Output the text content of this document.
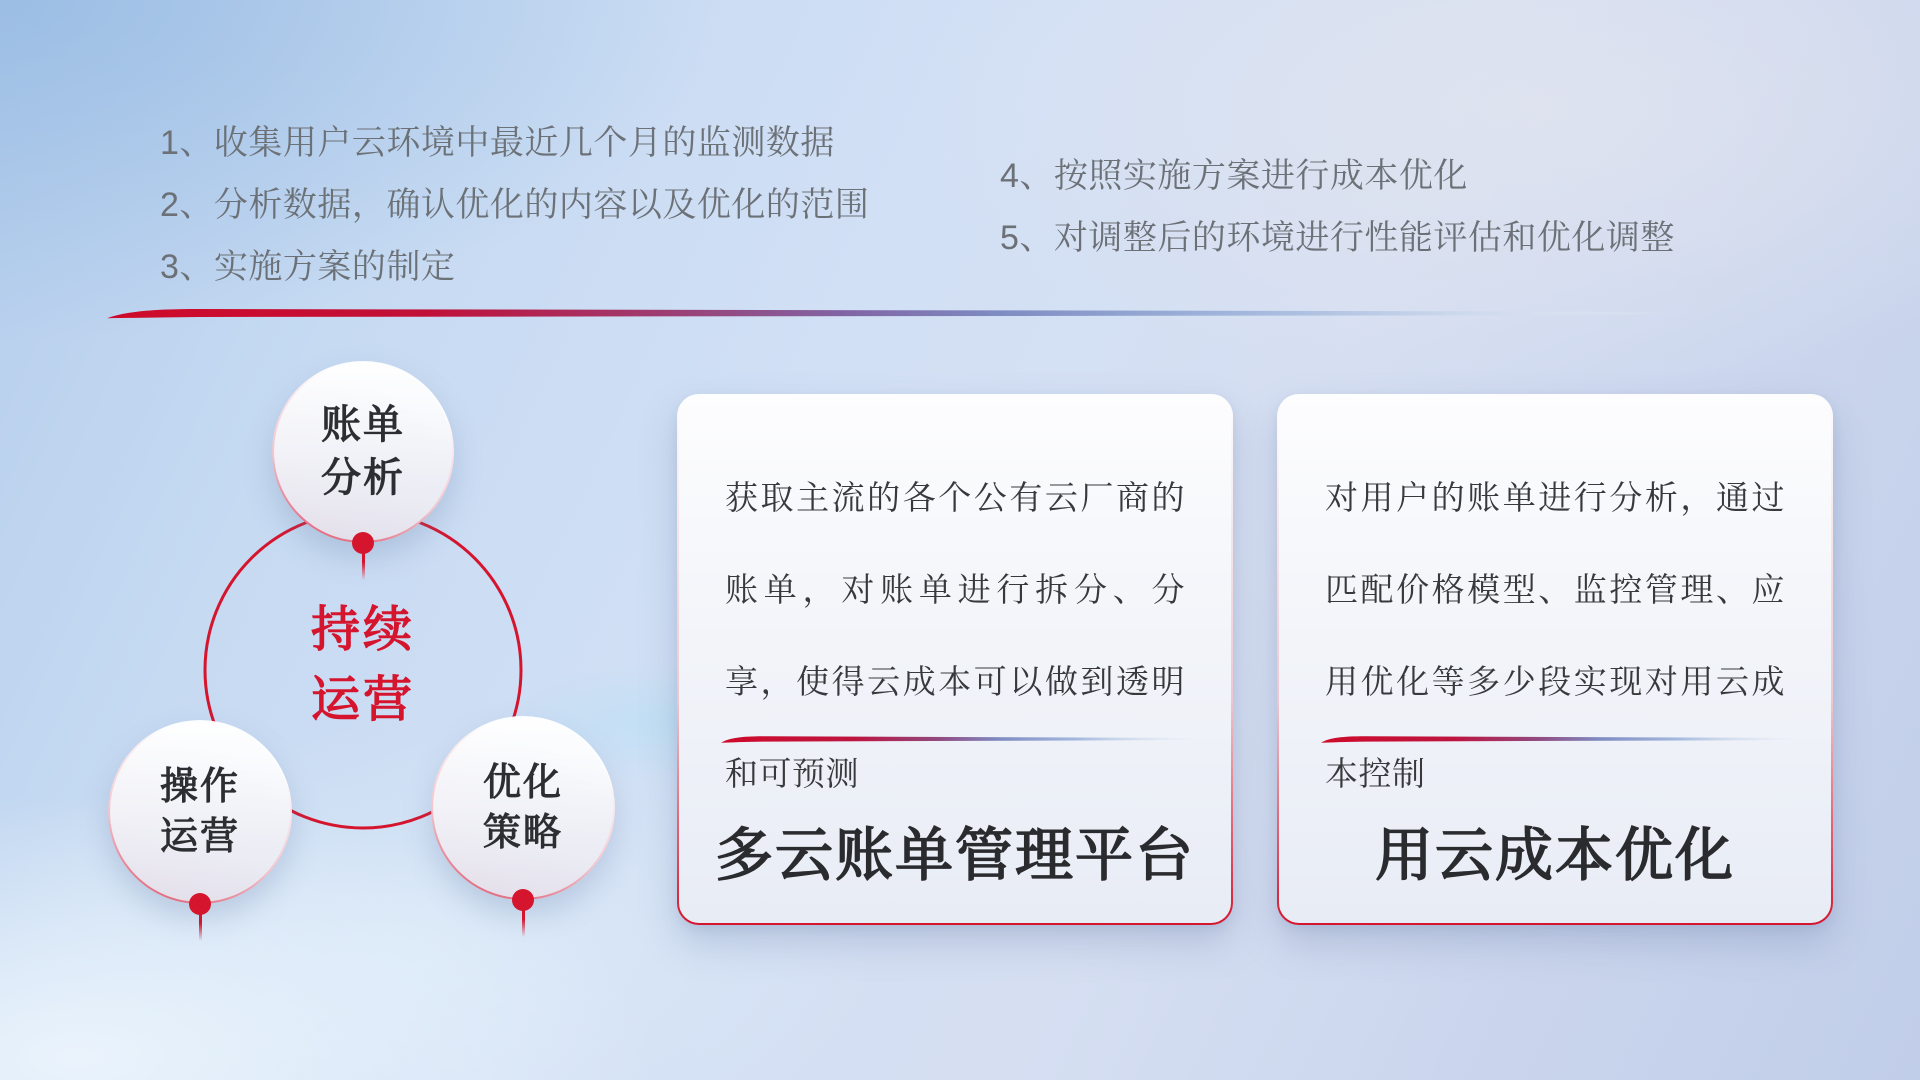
1、收集用户云环境中最近几个月的监测数据
2、分析数据，确认优化的内容以及优化的范围
3、实施方案的制定
4、按照实施方案进行成本优化
5、对调整后的环境进行性能评估和优化调整
账单
分析
操作
运营
优化
策略
持续
运营
获取主流的各个公有云厂商的账单，对账单进行拆分、分享，使得云成本可以做到透明和可预测
多云账单管理平台
对用户的账单进行分析，通过匹配价格模型、监控管理、应用优化等多少段实现对用云成本控制
用云成本优化
